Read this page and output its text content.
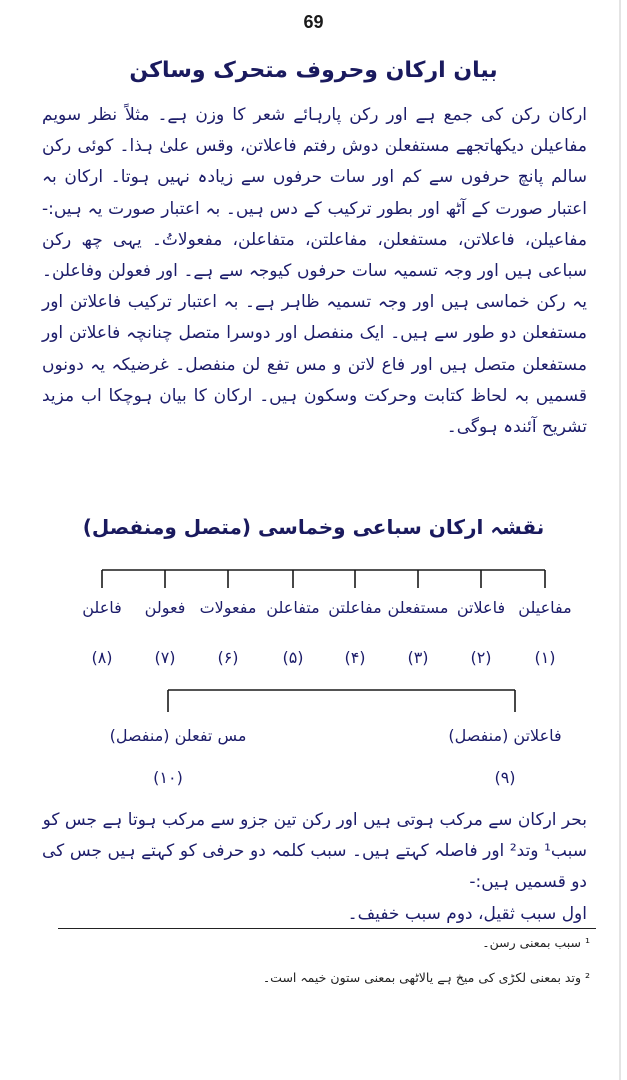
69
بیان ارکان وحروف متحرک وساکن
ارکان رکن کی جمع ہے اور رکن پارہائے شعر کا وزن ہے۔ مثلاً نظر سویم مفاعیلن دیکھاتجھے مستفعلن دوش رفتم فاعلاتن، وقس علیٰ ہذا۔ کوئی رکن سالم پانچ حرفوں سے کم اور سات حرفوں سے زیادہ نہیں ہوتا۔ ارکان بہ اعتبار صورت کے آٹھ اور بطور ترکیب کے دس ہیں۔ بہ اعتبار صورت یہ ہیں:- مفاعیلن، فاعلاتن، مستفعلن، مفاعلتن، متفاعلن، مفعولاتُ۔ یہی چھ رکن سباعی ہیں اور وجہ تسمیہ سات حرفوں کیوجہ سے ہے۔ اور فعولن وفاعلن۔ یہ رکن خماسی ہیں اور وجہ تسمیہ ظاہر ہے۔ بہ اعتبار ترکیب فاعلاتن اور مستفعلن دو طور سے ہیں۔ ایک منفصل اور دوسرا متصل چنانچہ فاعلاتن اور مستفعلن متصل ہیں اور فاع لاتن و مس تفع لن منفصل۔ غرضیکہ یہ دونوں قسمیں بہ لحاظ کتابت وحرکت وسکون ہیں۔ ارکان کا بیان ہوچکا اب مزید تشریح آئندہ ہوگی۔
نقشہ ارکان سباعی وخماسی (متصل ومنفصل)
مفاعیلن
فاعلاتن
مستفعلن
مفاعلتن
متفاعلن
مفعولات
فعولن
فاعلن
(۱)
(۲)
(۳)
(۴)
(۵)
(۶)
(۷)
(۸)
فاعلاتن (منفصل)
مس تفعلن (منفصل)
(۹)
(۱۰)
بحر ارکان سے مرکب ہوتی ہیں اور رکن تین جزو سے مرکب ہوتا ہے جس کو
سبب¹ وتد² اور فاصلہ کہتے ہیں۔ سبب کلمہ دو حرفی کو کہتے ہیں جس کی دو قسمیں ہیں:-
اول سبب ثقیل، دوم سبب خفیف۔
¹ سبب بمعنی رسن۔
² وتد بمعنی لکڑی کی میخ ہے یالاٹھی بمعنی ستون خیمہ است۔
